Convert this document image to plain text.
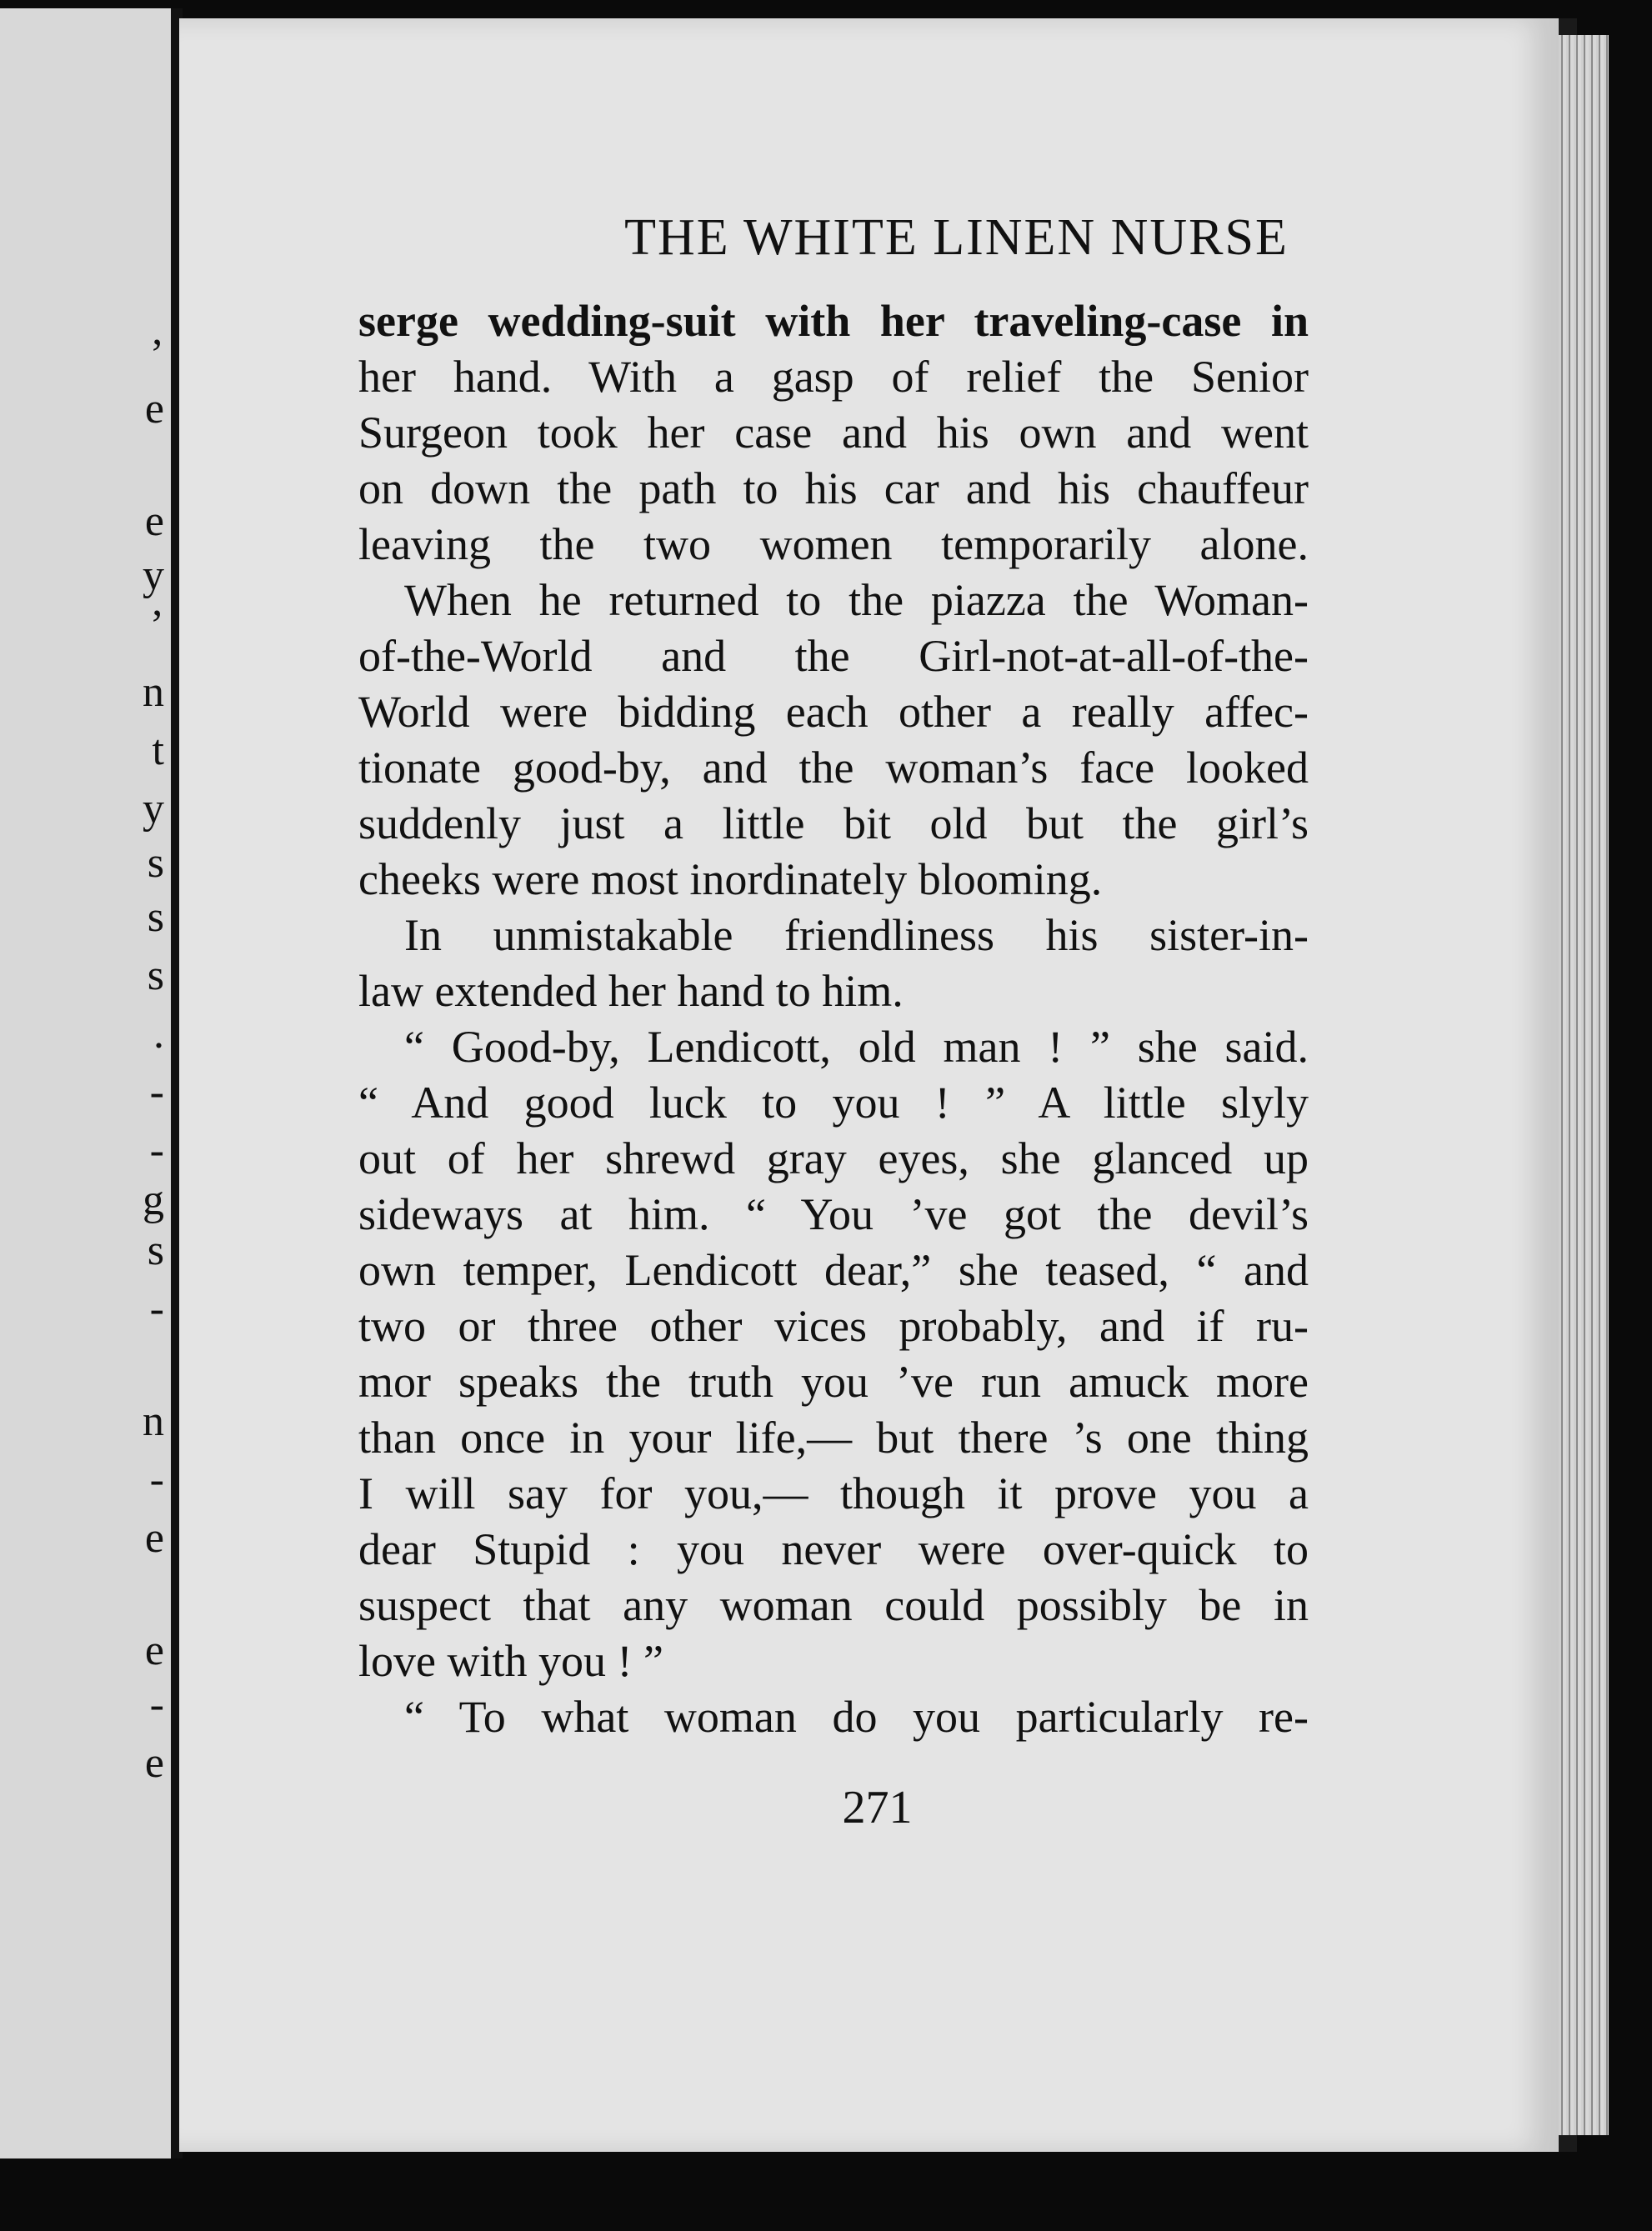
’
e
e
y
’
n
t
y
s
s
s
.
-
-
g
s
-
n
-
e
e
-
e
THE WHITE LINEN NURSE
serge wedding-suit with her traveling-case in
her hand. With a gasp of relief the Senior
Surgeon took her case and his own and went
on down the path to his car and his chauffeur
leaving the two women temporarily alone.
When he returned to the piazza the Woman-
of-the-World and the Girl-not-at-all-of-the-
World were bidding each other a really affec-
tionate good-by, and the woman’s face looked
suddenly just a little bit old but the girl’s
cheeks were most inordinately blooming.
In unmistakable friendliness his sister-in-
law extended her hand to him.
“ Good-by, Lendicott, old man ! ” she said.
“ And good luck to you ! ” A little slyly
out of her shrewd gray eyes, she glanced up
sideways at him. “ You ’ve got the devil’s
own temper, Lendicott dear,” she teased, “ and
two or three other vices probably, and if ru-
mor speaks the truth you ’ve run amuck more
than once in your life,— but there ’s one thing
I will say for you,— though it prove you a
dear Stupid : you never were over-quick to
suspect that any woman could possibly be in
love with you ! ”
“ To what woman do you particularly re-
271
